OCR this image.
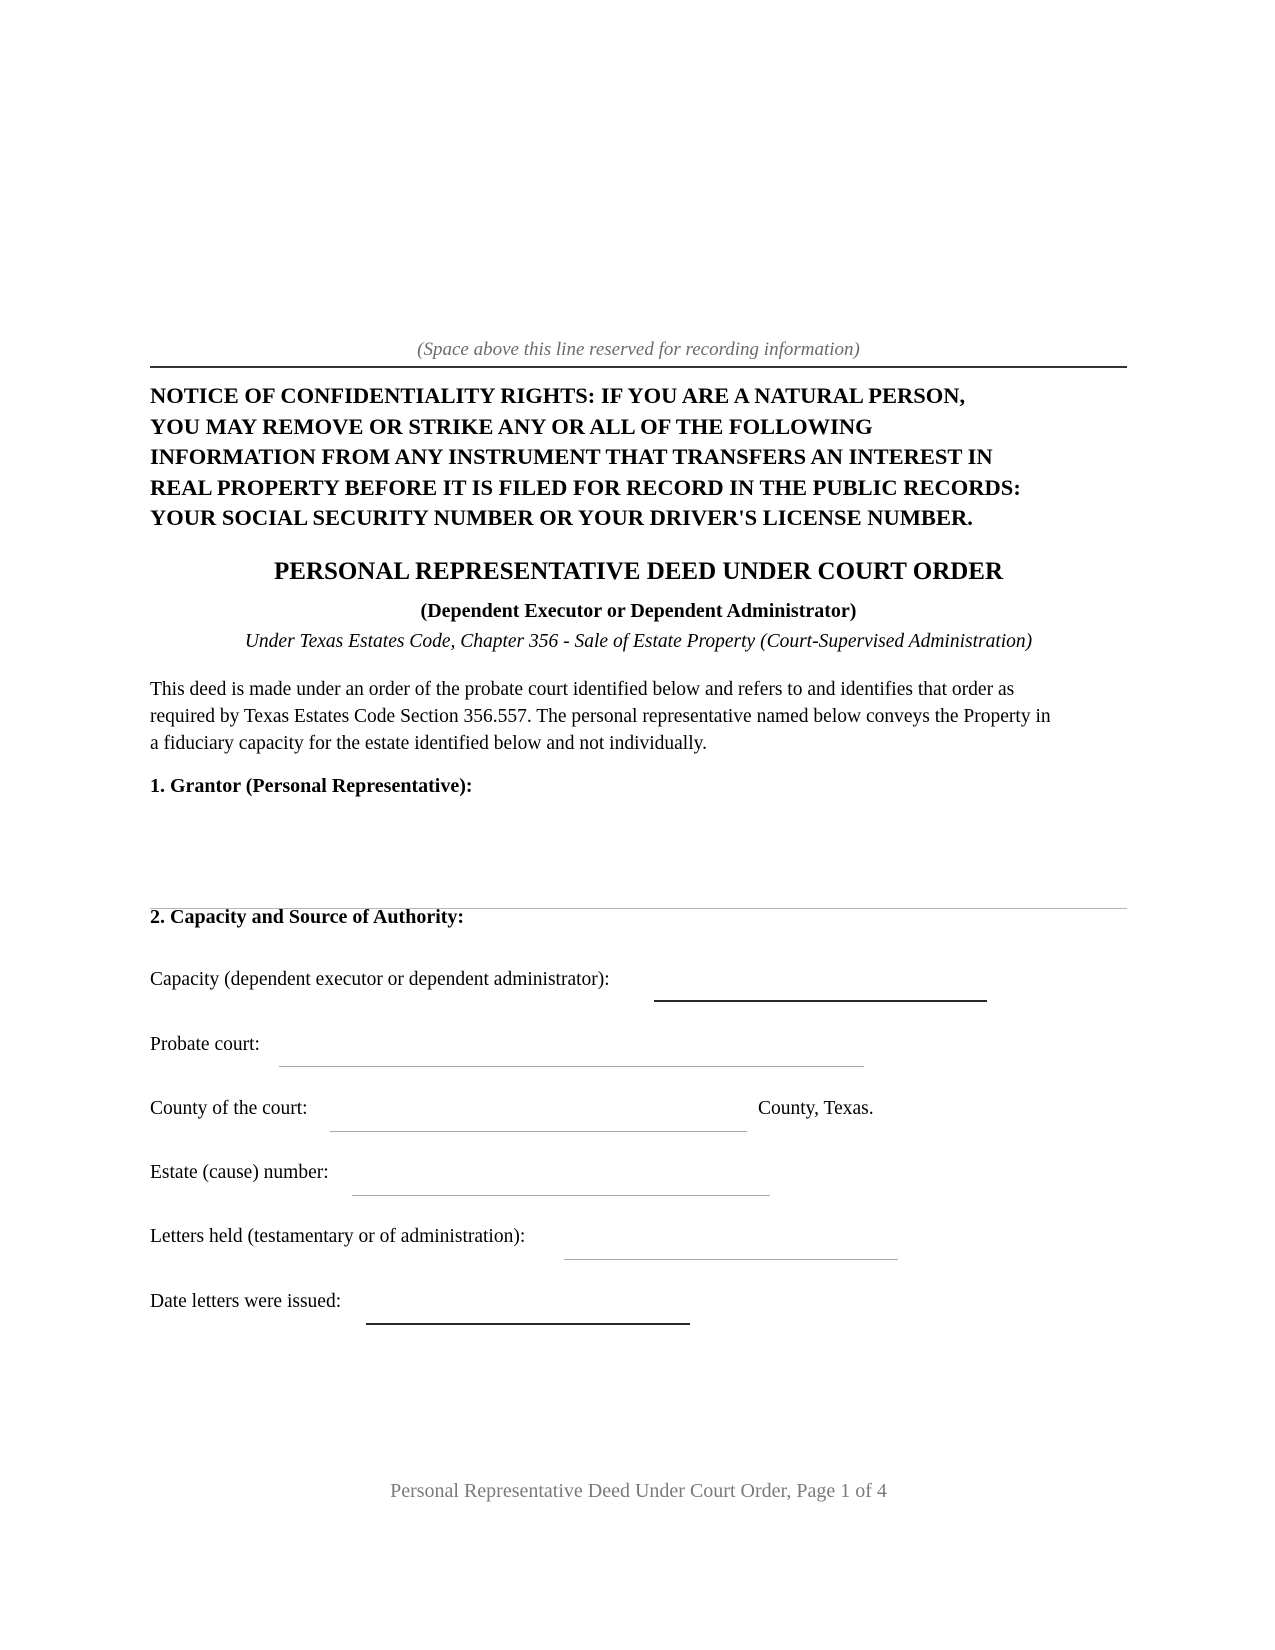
(Space above this line reserved for recording information)
NOTICE OF CONFIDENTIALITY RIGHTS: IF YOU ARE A NATURAL PERSON,
YOU MAY REMOVE OR STRIKE ANY OR ALL OF THE FOLLOWING
INFORMATION FROM ANY INSTRUMENT THAT TRANSFERS AN INTEREST IN
REAL PROPERTY BEFORE IT IS FILED FOR RECORD IN THE PUBLIC RECORDS:
YOUR SOCIAL SECURITY NUMBER OR YOUR DRIVER'S LICENSE NUMBER.
PERSONAL REPRESENTATIVE DEED UNDER COURT ORDER
(Dependent Executor or Dependent Administrator)
Under Texas Estates Code, Chapter 356 - Sale of Estate Property (Court-Supervised Administration)
This deed is made under an order of the probate court identified below and refers to and identifies that order as
required by Texas Estates Code Section 356.557. The personal representative named below conveys the Property in
a fiduciary capacity for the estate identified below and not individually.
1. Grantor (Personal Representative):
2. Capacity and Source of Authority:
Capacity (dependent executor or dependent administrator):
Probate court:
County of the court:	County, Texas.
Estate (cause) number:
Letters held (testamentary or of administration):
Date letters were issued:
Personal Representative Deed Under Court Order, Page 1 of 4
